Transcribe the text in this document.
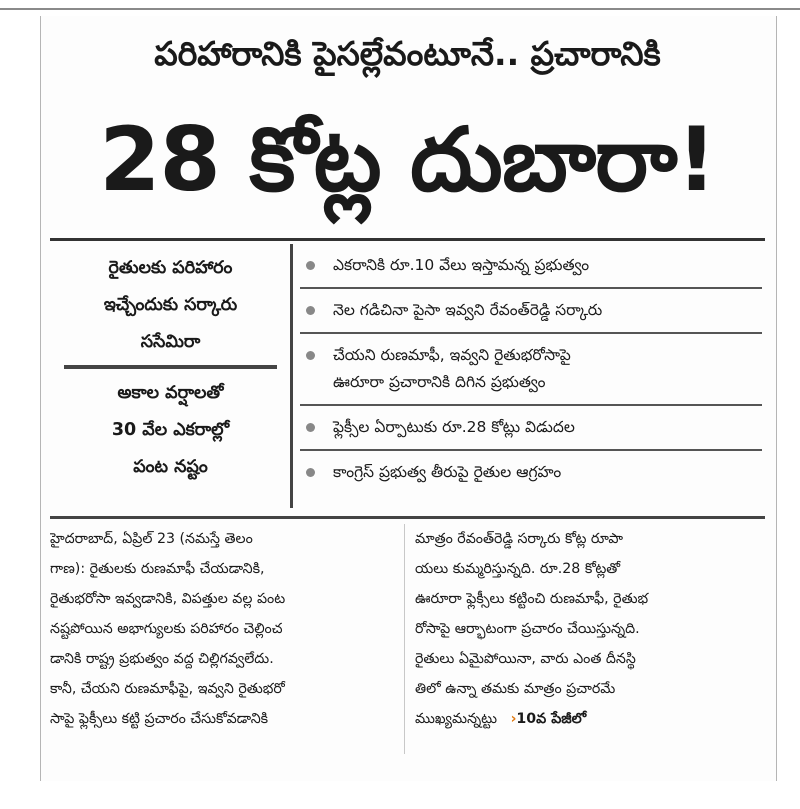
పరిహారానికి పైసల్లేవంటూనే.. ప్రచారానికి
28 కోట్ల దుబారా!
రైతులకు పరిహారం
ఇచ్చేందుకు సర్కారు
ససేమిరా
అకాల వర్షాలతో
30 వేల ఎకరాల్లో
పంట నష్టం
ఎకరానికి రూ.10 వేలు ఇస్తామన్న ప్రభుత్వం
నెల గడిచినా పైసా ఇవ్వని రేవంత్‌రెడ్డి సర్కారు
చేయని రుణమాఫీ, ఇవ్వని రైతుభరోసాపై
ఊరూరా ప్రచారానికి దిగిన ప్రభుత్వం
ఫ్లెక్సీల ఏర్పాటుకు రూ.28 కోట్లు విడుదల
కాంగ్రెస్ ప్రభుత్వ తీరుపై రైతుల ఆగ్రహం
హైదరాబాద్, ఏప్రిల్ 23 (నమస్తే తెలం
గాణ): రైతులకు రుణమాఫీ చేయడానికి,
రైతుభరోసా ఇవ్వడానికి, విపత్తుల వల్ల పంట
నష్టపోయిన అభాగ్యులకు పరిహారం చెల్లించ
డానికి రాష్ట్ర ప్రభుత్వం వద్ద చిల్లిగవ్వలేదు.
కానీ, చేయని రుణమాఫీపై, ఇవ్వని రైతుభరో
సాపై ఫ్లెక్సీలు కట్టి ప్రచారం చేసుకోవడానికి
మాత్రం రేవంత్‌రెడ్డి సర్కారు కోట్ల రూపా
యలు కుమ్మరిస్తున్నది. రూ.28 కోట్లతో
ఊరూరా ఫ్లెక్సీలు కట్టించి రుణమాఫీ, రైతుభ
రోసాపై ఆర్భాటంగా ప్రచారం చేయిస్తున్నది.
రైతులు ఏమైపోయినా, వారు ఎంత దీనస్థి
తిలో ఉన్నా తమకు మాత్రం ప్రచారమే
ముఖ్యమన్నట్టు ›10వ పేజీలో
